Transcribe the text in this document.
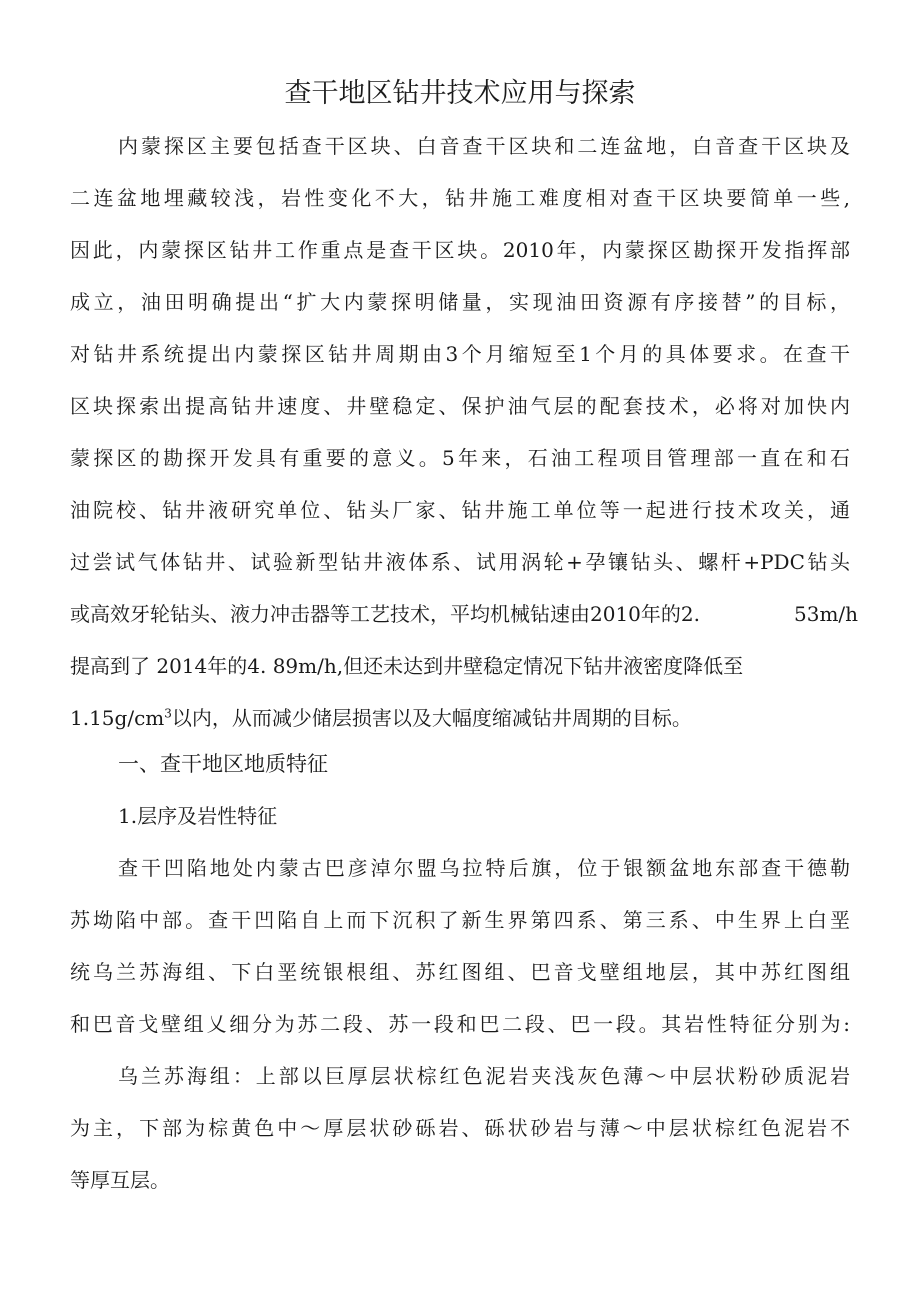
查干地区钻井技术应用与探索
内蒙探区主要包括查干区块、白音查干区块和二连盆地，白音查干区块及
二连盆地埋藏较浅，岩性变化不大，钻井施工难度相对查干区块要简单一些,
因此，内蒙探区钻井工作重点是查干区块。2010年，内蒙探区勘探开发指挥部
成立，油田明确提出“扩大内蒙探明储量，实现油田资源有序接替”的目标，
对钻井系统提出内蒙探区钻井周期由3个月缩短至1个月的具体要求。在查干
区块探索出提高钻井速度、井壁稳定、保护油气层的配套技术，必将对加快内
蒙探区的勘探开发具有重要的意义。5年来，石油工程项目管理部一直在和石
油院校、钻井液研究单位、钻头厂家、钻井施工单位等一起进行技术攻关，通
过尝试气体钻井、试验新型钻井液体系、试用涡轮+孕镶钻头、螺杆+PDC钻头
或高效牙轮钻头、液力冲击器等工艺技术，平均机械钻速由2010年的2.	53m/h
提高到了 2014年的4. 89m/h,但还未达到井壁稳定情况下钻井液密度降低至
$1.15g/cm^3$以内，从而减少储层损害以及大幅度缩减钻井周期的目标。
一、查干地区地质特征
1.层序及岩性特征
查干凹陷地处内蒙古巴彦淖尔盟乌拉特后旗，位于银额盆地东部查干德勒
苏坳陷中部。查干凹陷自上而下沉积了新生界第四系、第三系、中生界上白垩
统乌兰苏海组、下白垩统银根组、苏红图组、巴音戈壁组地层，其中苏红图组
和巴音戈壁组乂细分为苏二段、苏一段和巴二段、巴一段。其岩性特征分别为:
乌兰苏海组：上部以巨厚层状棕红色泥岩夹浅灰色薄～中层状粉砂质泥岩
为主，下部为棕黄色中～厚层状砂砾岩、砾状砂岩与薄～中层状棕红色泥岩不
等厚互层。
